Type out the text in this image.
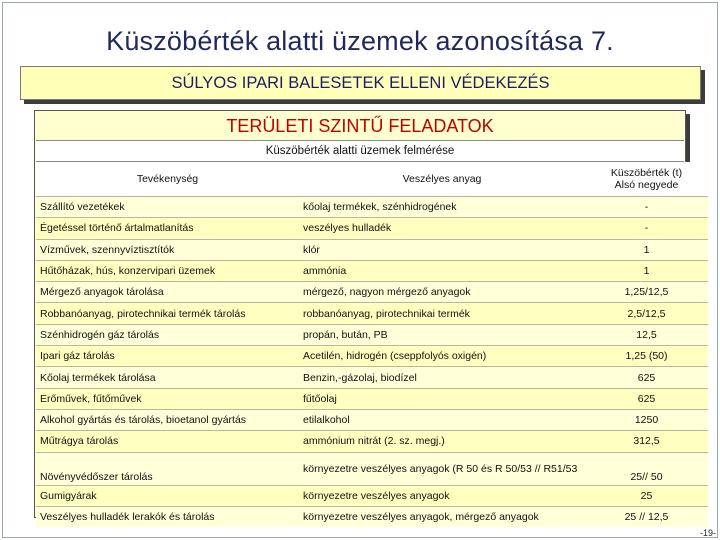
Küszöbérték alatti üzemek azonosítása 7.
SÚLYOS IPARI BALESETEK ELLENI VÉDEKEZÉS
TERÜLETI SZINTŰ FELADATOK
Küszöbérték alatti üzemek felmérése
Tevékenység	Veszélyes anyag	Küszöbérték (t)
Alsó negyede
Szállító vezetékek	kőolaj termékek, szénhidrogének	-
Égetéssel történő ártalmatlanítás	veszélyes hulladék	-
Vízművek, szennyvíztisztítók	klór	1
Hűtőházak, hús, konzervipari üzemek	ammónia	1
Mérgező anyagok tárolása	mérgező, nagyon mérgező anyagok	1,25/12,5
Robbanóanyag, pirotechnikai termék tárolás	robbanóanyag, pirotechnikai termék	2,5/12,5
Szénhidrogén gáz tárolás	propán, bután, PB	12,5
Ipari gáz tárolás	Acetilén, hidrogén (cseppfolyós oxigén)	1,25 (50)
Kőolaj termékek tárolása	Benzin,-gázolaj, biodízel	625
Erőművek, fűtőművek	fűtőolaj	625
Alkohol gyártás és tárolás, bioetanol gyártás	etilalkohol	1250
Műtrágya tárolás	ammónium nitrát (2. sz. megj.)	312,5
Növényvédőszer tárolás	környezetre veszélyes anyagok (R 50 és R 50/53 // R51/53	25// 50
Gumigyárak	környezetre veszélyes anyagok	25
Veszélyes hulladék lerakók és tárolás	környezetre veszélyes anyagok, mérgező anyagok	25 // 12,5
-19-
